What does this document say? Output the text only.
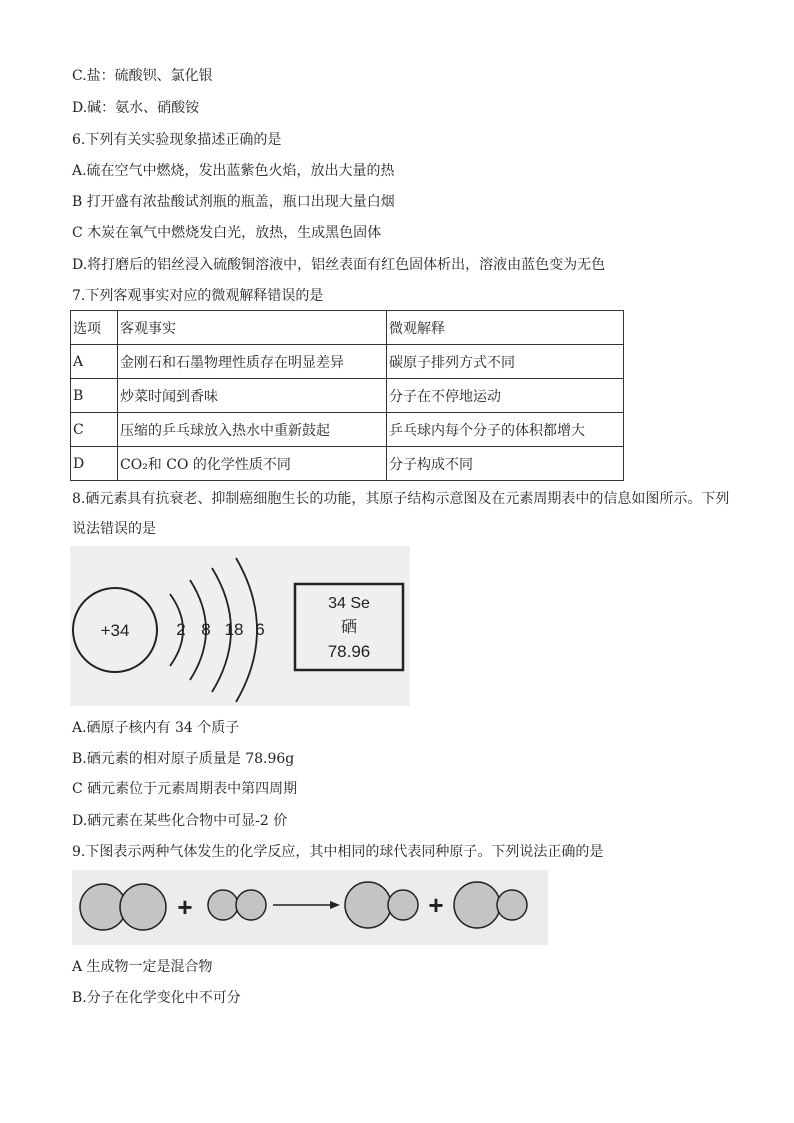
C.盐：硫酸钡、氯化银
D.碱：氨水、硝酸铵
6.下列有关实验现象描述正确的是
A.硫在空气中燃烧，发出蓝紫色火焰，放出大量的热
B 打开盛有浓盐酸试剂瓶的瓶盖，瓶口出现大量白烟
C 木炭在氧气中燃烧发白光，放热，生成黑色固体
D.将打磨后的铝丝浸入硫酸铜溶液中，铝丝表面有红色固体析出，溶液由蓝色变为无色
7.下列客观事实对应的微观解释错误的是
选项	客观事实	微观解释
A	金刚石和石墨物理性质存在明显差异	碳原子排列方式不同
B	炒菜时闻到香味	分子在不停地运动
C	压缩的乒乓球放入热水中重新鼓起	乒乓球内每个分子的体积都增大
D	CO₂和 CO 的化学性质不同	分子构成不同
8.硒元素具有抗衰老、抑制癌细胞生长的功能，其原子结构示意图及在元素周期表中的信息如图所示。下列
说法错误的是
+34	2 8 18 6
34 Se
硒
78.96
A.硒原子核内有 34 个质子
B.硒元素的相对原子质量是 78.96g
C 硒元素位于元素周期表中第四周期
D.硒元素在某些化合物中可显-2 价
9.下图表示两种气体发生的化学反应，其中相同的球代表同种原子。下列说法正确的是
+	+
A 生成物一定是混合物
B.分子在化学变化中不可分
